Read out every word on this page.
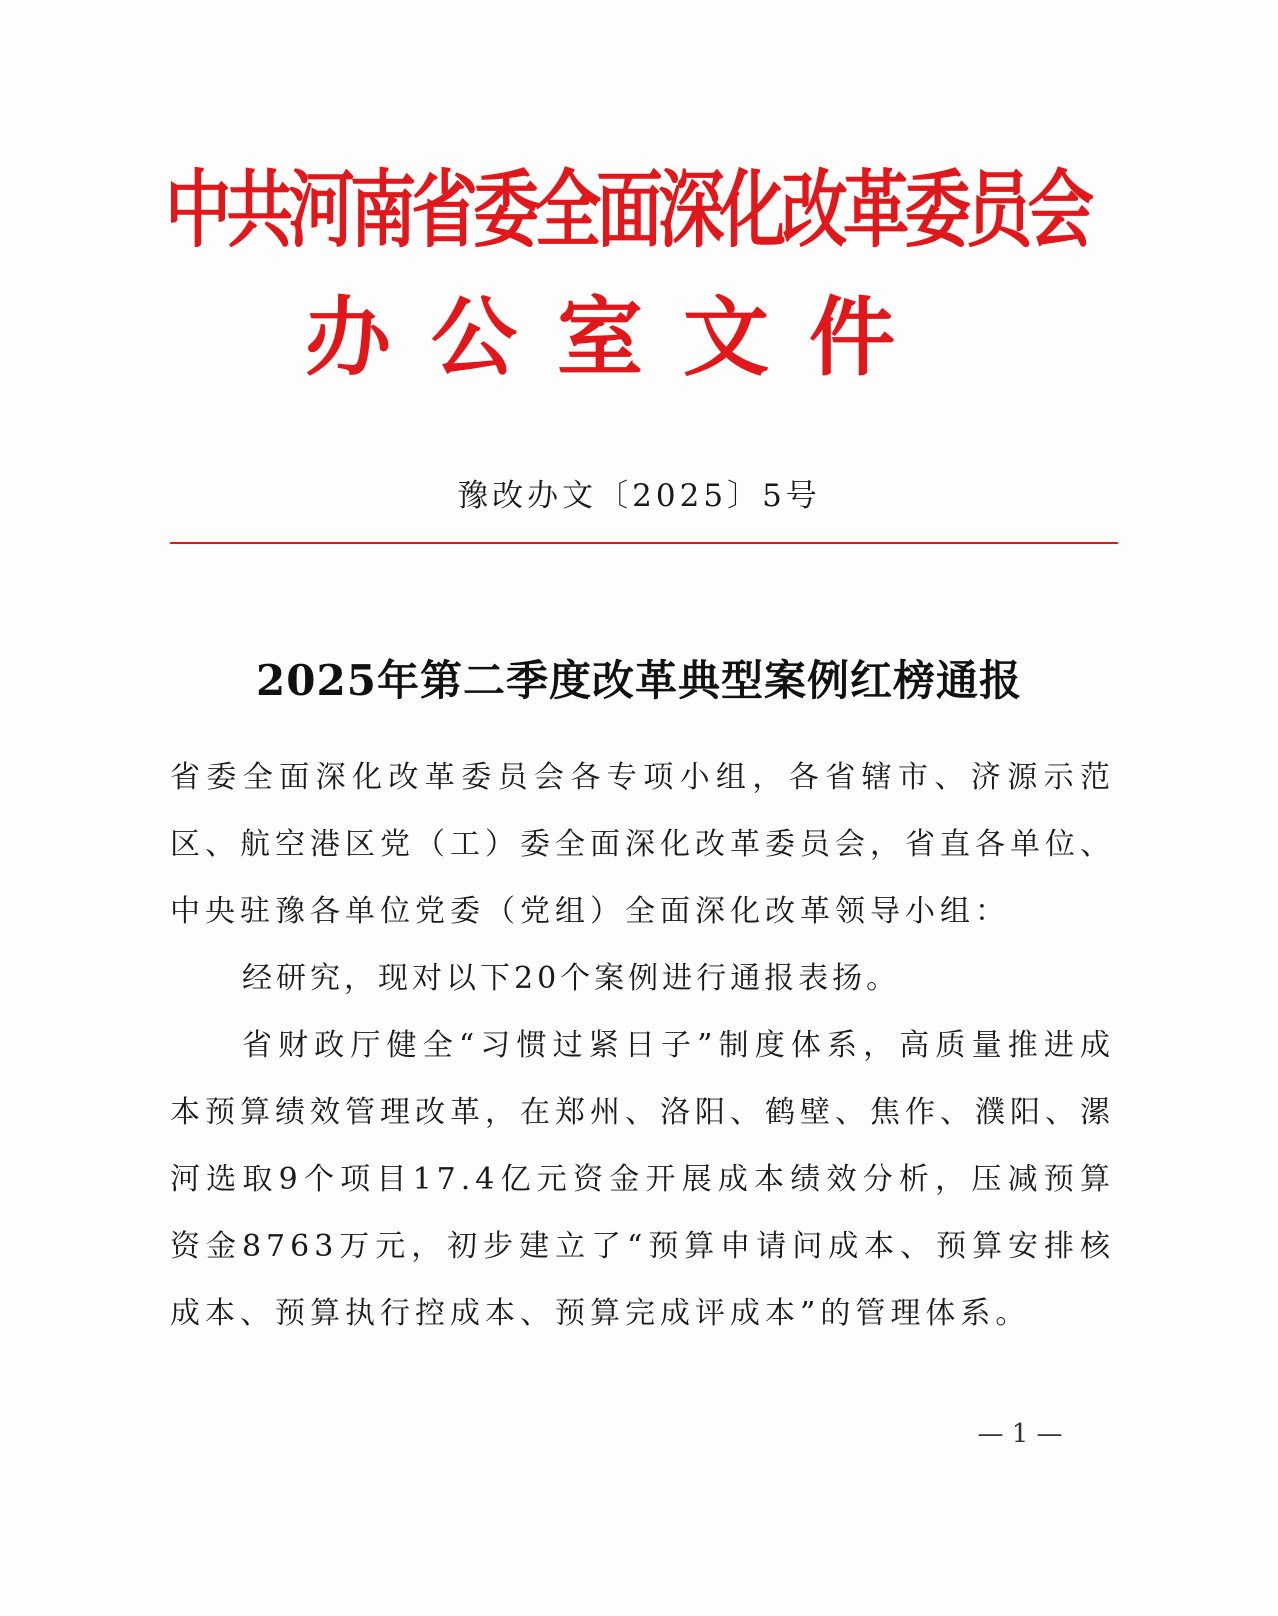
中共河南省委全面深化改革委员会
办公室文件
豫改办文〔2025〕5号
2025年第二季度改革典型案例红榜通报
省委全面深化改革委员会各专项小组，各省辖市、济源示范区、航空港区党（工）委全面深化改革委员会，省直各单位、中央驻豫各单位党委（党组）全面深化改革领导小组：
经研究，现对以下20个案例进行通报表扬。
省财政厅健全“习惯过紧日子”制度体系，高质量推进成本预算绩效管理改革，在郑州、洛阳、鹤壁、焦作、濮阳、漯河选取9个项目17.4亿元资金开展成本绩效分析，压减预算资金8763万元，初步建立了“预算申请问成本、预算安排核成本、预算执行控成本、预算完成评成本”的管理体系。
— 1 —
